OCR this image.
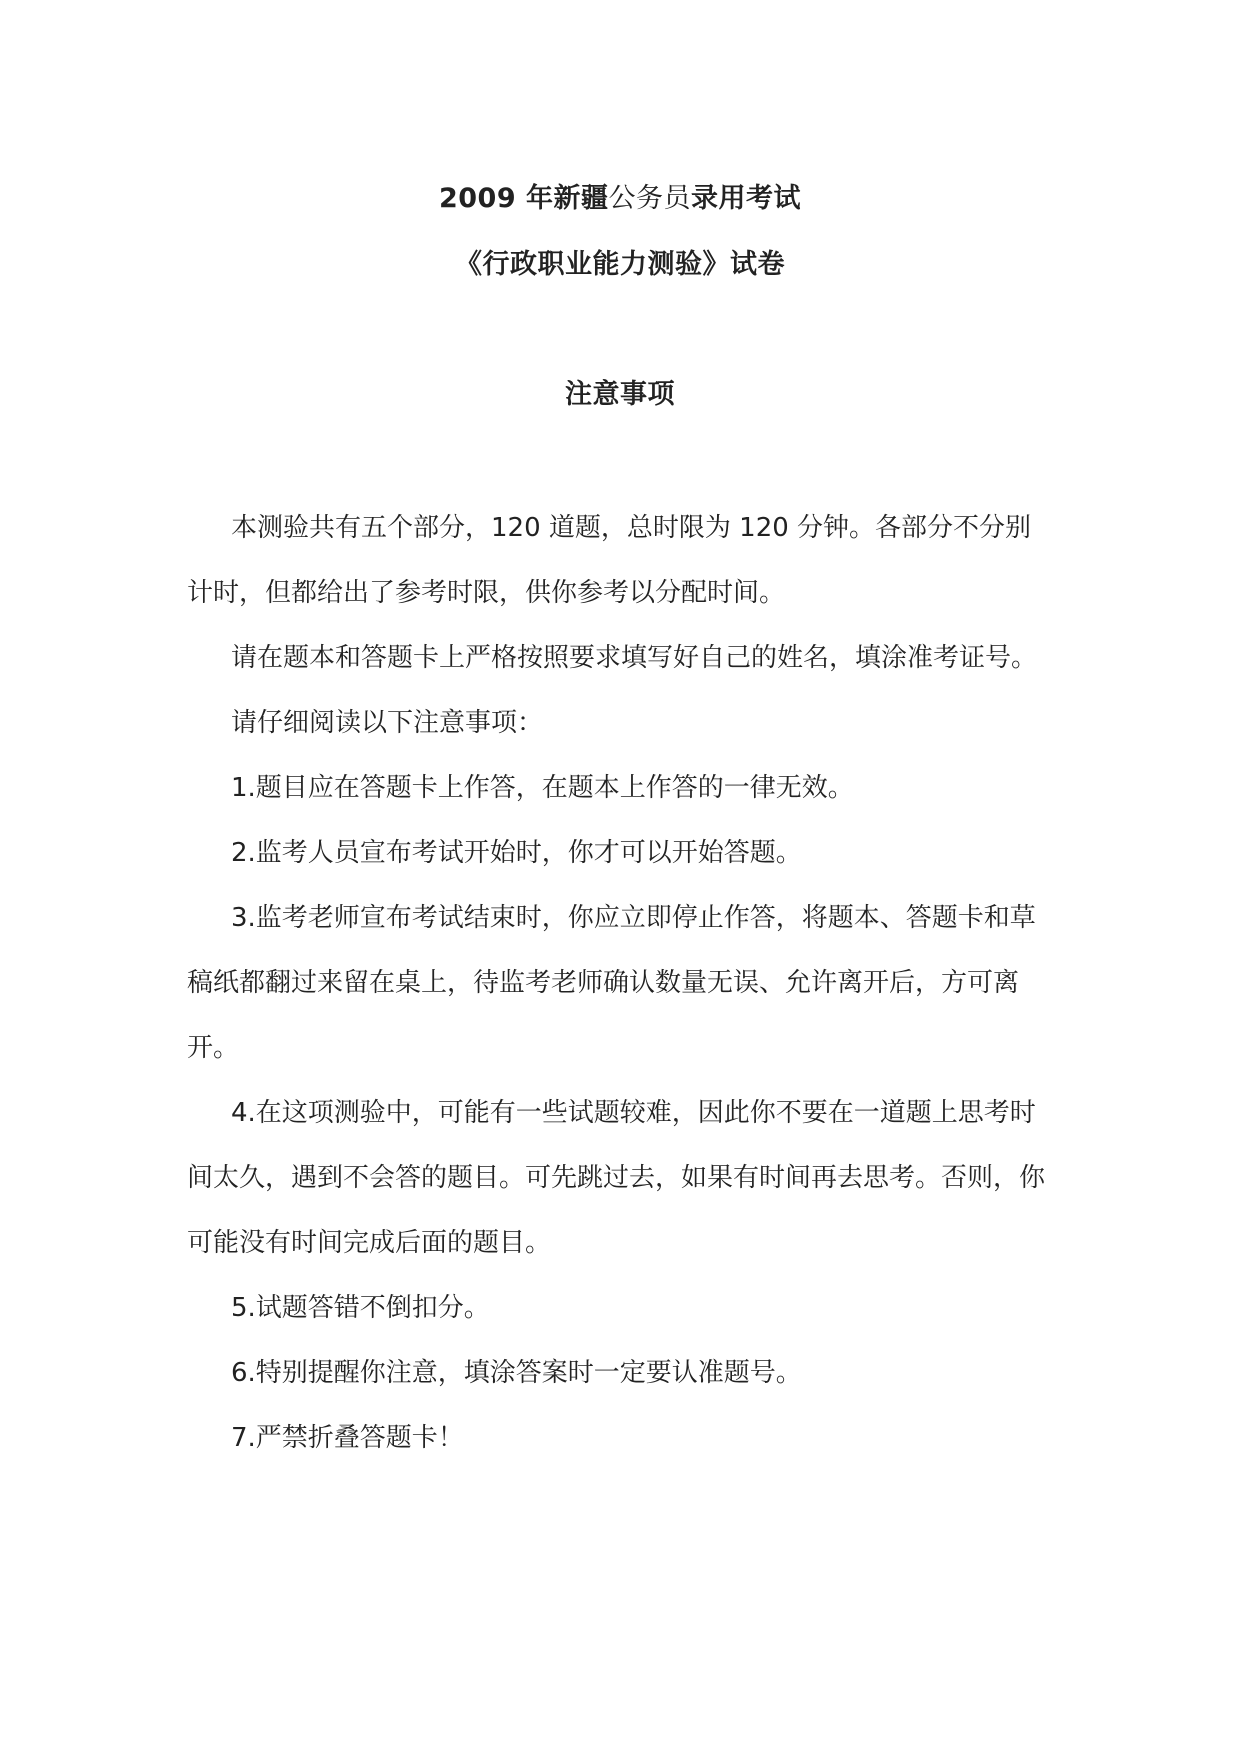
2009 年新疆公务员录用考试
《行政职业能力测验》试卷
注意事项

本测验共有五个部分，120 道题，总时限为 120 分钟。各部分不分别计时，但都给出了参考时限，供你参考以分配时间。

请在题本和答题卡上严格按照要求填写好自己的姓名，填涂准考证号。

请仔细阅读以下注意事项：

1.题目应在答题卡上作答，在题本上作答的一律无效。

2.监考人员宣布考试开始时，你才可以开始答题。

3.监考老师宣布考试结束时，你应立即停止作答，将题本、答题卡和草稿纸都翻过来留在桌上，待监考老师确认数量无误、允许离开后，方可离开。

4.在这项测验中，可能有一些试题较难，因此你不要在一道题上思考时间太久，遇到不会答的题目。可先跳过去，如果有时间再去思考。否则，你可能没有时间完成后面的题目。

5.试题答错不倒扣分。

6.特别提醒你注意，填涂答案时一定要认准题号。

7.严禁折叠答题卡！
